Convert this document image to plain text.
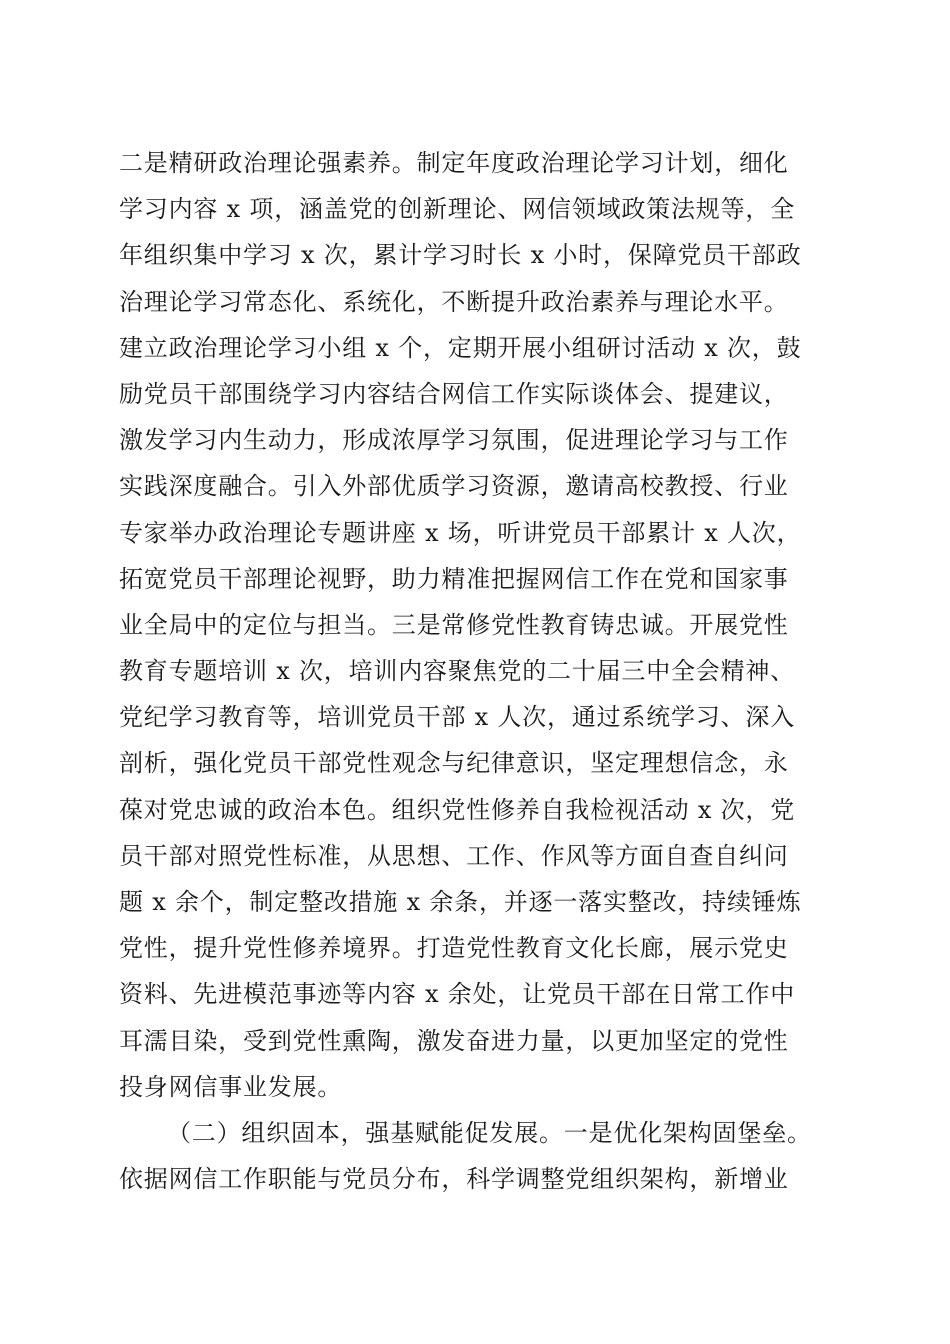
二是精研政治理论强素养。制定年度政治理论学习计划，细化
学习内容 x 项，涵盖党的创新理论、网信领域政策法规等，全
年组织集中学习 x 次，累计学习时长 x 小时，保障党员干部政
治理论学习常态化、系统化，不断提升政治素养与理论水平。
建立政治理论学习小组 x 个，定期开展小组研讨活动 x 次，鼓
励党员干部围绕学习内容结合网信工作实际谈体会、提建议，
激发学习内生动力，形成浓厚学习氛围，促进理论学习与工作
实践深度融合。引入外部优质学习资源，邀请高校教授、行业
专家举办政治理论专题讲座 x 场，听讲党员干部累计 x 人次，
拓宽党员干部理论视野，助力精准把握网信工作在党和国家事
业全局中的定位与担当。三是常修党性教育铸忠诚。开展党性
教育专题培训 x 次，培训内容聚焦党的二十届三中全会精神、
党纪学习教育等，培训党员干部 x 人次，通过系统学习、深入
剖析，强化党员干部党性观念与纪律意识，坚定理想信念，永
葆对党忠诚的政治本色。组织党性修养自我检视活动 x 次，党
员干部对照党性标准，从思想、工作、作风等方面自查自纠问
题 x 余个，制定整改措施 x 余条，并逐一落实整改，持续锤炼
党性，提升党性修养境界。打造党性教育文化长廊，展示党史
资料、先进模范事迹等内容 x 余处，让党员干部在日常工作中
耳濡目染，受到党性熏陶，激发奋进力量，以更加坚定的党性
投身网信事业发展。
（二）组织固本，强基赋能促发展。一是优化架构固堡垒。
依据网信工作职能与党员分布，科学调整党组织架构，新增业
